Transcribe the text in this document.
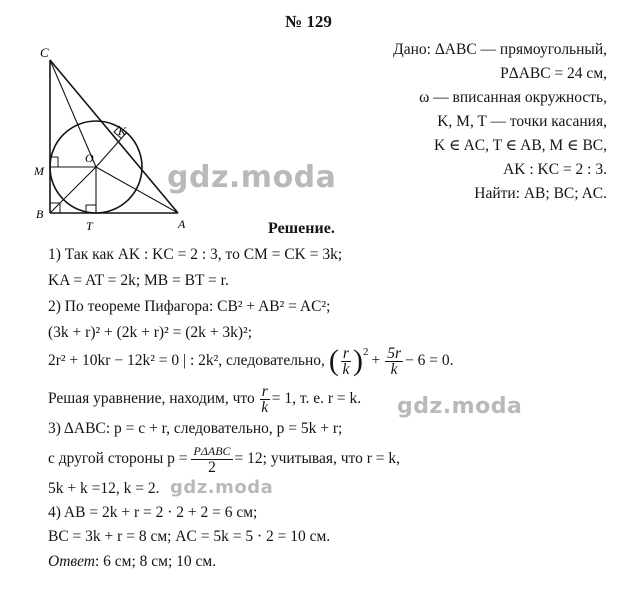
№ 129
C
K
O
M
B
T	A
Дано: ΔABC — прямоугольный,
PΔABC = 24 см,
ω — вписанная окружность,
K, M, T — точки касания,
K ∈ AC, T ∈ AB, M ∈ BC,
AK : KC = 2 : 3.
Найти: AB; BC; AC.
gdz.moda
gdz.moda
gdz.moda
Решение.
1) Так как AK : KC = 2 : 3, то CM = CK = 3k;
KA = AT = 2k; MB = BT = r.
2) По теореме Пифагора: CB² + AB² = AC²;
(3k + r)² + (2k + r)² = (2k + 3k)²;
2r² + 10kr − 12k² = 0 | : 2k², следовательно, ( $\frac{r}{k} )^2 + \frac{5r}{k} - 6 = 0$.
Решая уравнение, находим, что $\frac{r}{k} = 1$, т. е. r = k.
3) ΔABC: p = c + r, следовательно, p = 5k + r;
с другой стороны $p = \frac{\text{PΔABC}}{2} = 12$; учитывая, что r = k,
5k + k =12, k = 2.
4) AB = 2k + r = 2 · 2 + 2 = 6 см;
BC = 3k + r = 8 см; AC = 5k = 5 · 2 = 10 см.
Ответ: 6 см; 8 см; 10 см.
